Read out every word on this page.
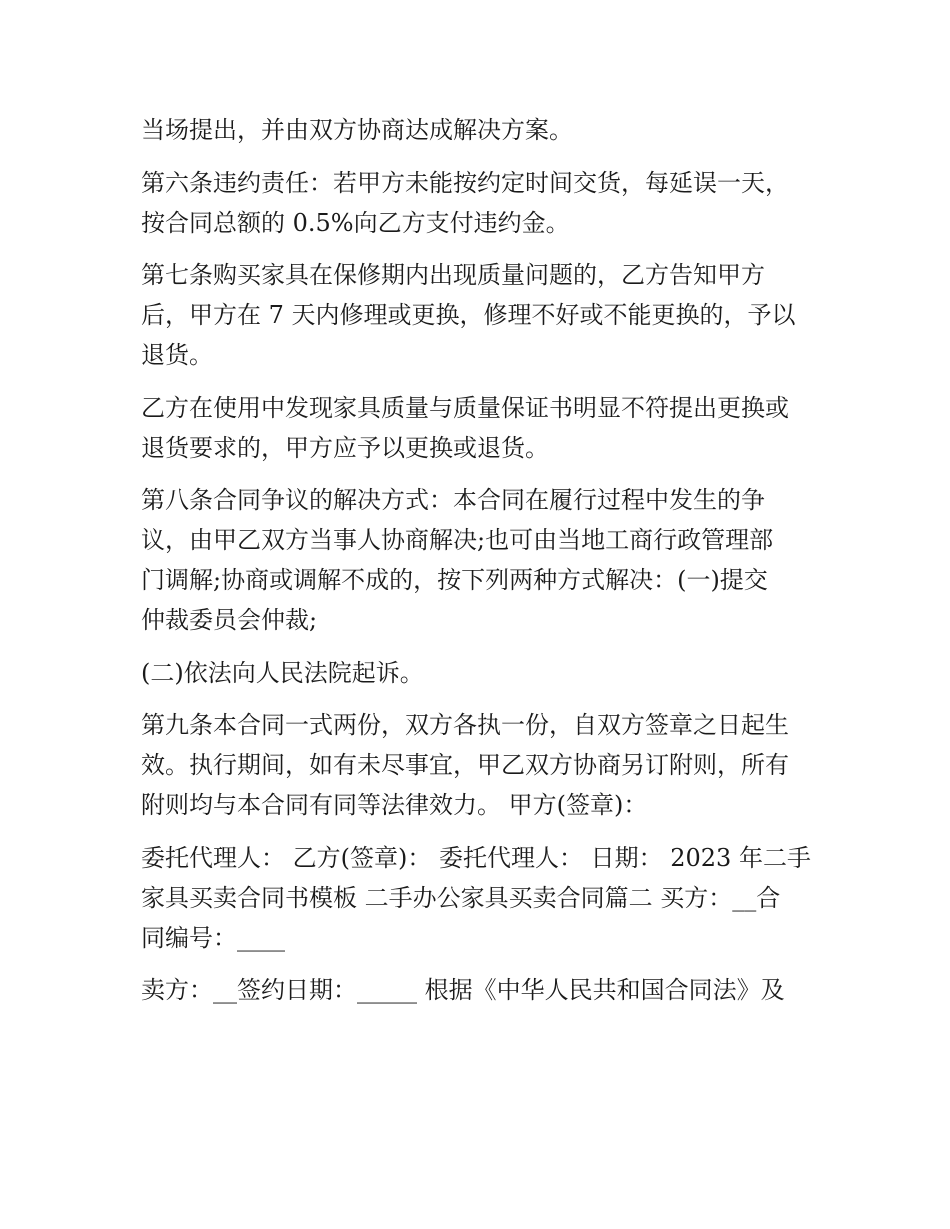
当场提出，并由双方协商达成解决方案。
第六条违约责任：若甲方未能按约定时间交货，每延误一天，
按合同总额的 0.5%向乙方支付违约金。
第七条购买家具在保修期内出现质量问题的，乙方告知甲方
后，甲方在 7 天内修理或更换，修理不好或不能更换的，予以
退货。
乙方在使用中发现家具质量与质量保证书明显不符提出更换或
退货要求的，甲方应予以更换或退货。
第八条合同争议的解决方式：本合同在履行过程中发生的争
议，由甲乙双方当事人协商解决;也可由当地工商行政管理部
门调解;协商或调解不成的，按下列两种方式解决：(一)提交
仲裁委员会仲裁;
(二)依法向人民法院起诉。
第九条本合同一式两份，双方各执一份，自双方签章之日起生
效。执行期间，如有未尽事宜，甲乙双方协商另订附则，所有
附则均与本合同有同等法律效力。 甲方(签章)：
委托代理人： 乙方(签章)： 委托代理人： 日期： 2023 年二手
家具买卖合同书模板 二手办公家具买卖合同篇二 买方：__合
同编号：____
卖方：__签约日期：_____ 根据《中华人民共和国合同法》及
